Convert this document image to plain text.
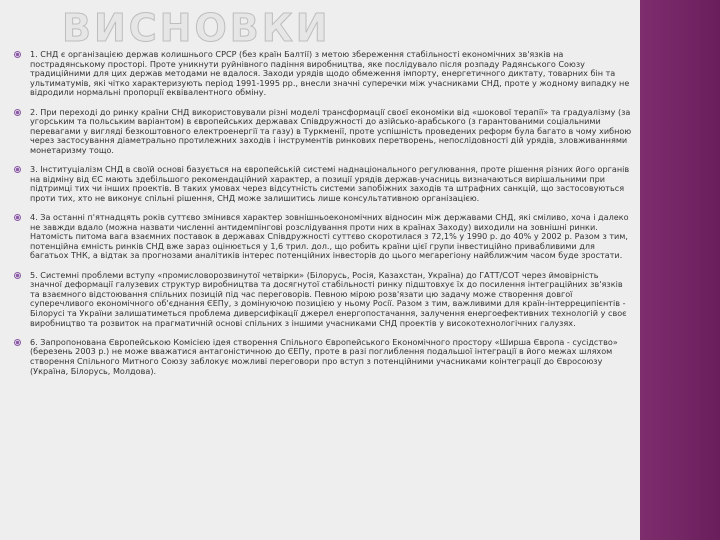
ВИСНОВКИ
1. СНД є організацією держав колишнього СРСР (без країн Балтії) з метою збереження стабільності економічних зв'язків на пострадянському просторі. Проте уникнути руйнівного падіння виробництва, яке послідувало після розпаду Радянського Союзу традиційними для цих держав методами не вдалося. Заходи урядів щодо обмеження імпорту, енергетичного диктату, товарних бін та ультиматумів, які чітко характеризують період 1991-1995 рр., внесли значні суперечки між учасниками СНД, проте у жодному випадку не відродили нормальні пропорції еквівалентного обміну.
2. При переході до ринку країни СНД використовували різні моделі трансформації своєї економіки від «шокової терапії» та градуалізму (за угорським та польським варіантом) в європейських державах Співдружності до азійсько-арабського (з гарантованими соціальними перевагами у вигляді безкоштовного електроенергії та газу) в Туркменії, проте успішність проведених реформ була багато в чому хибною через застосування діаметрально протилежних заходів і інструментів ринкових перетворень, непослідовності дій урядів, зловживаннями монетаризму тощо.
3. Інституціалізм СНД в своїй основі базується на європейській системі наднаціонального регулювання, проте рішення різних його органів на відміну від ЄС мають здебільшого рекомендаційний характер, а позиції урядів держав-учасниць визначаються вирішальними при підтримці тих чи інших проектів. В таких умовах через відсутність системи запобіжних заходів та штрафних санкцій, що застосовуються проти тих, хто не виконує спільні рішення, СНД може залишитись лише консультативною організацією.
4. За останні п'ятнадцять років суттєво змінився характер зовнішньоекономічних відносин між державами СНД, які сміливо, хоча і далеко не завжди вдало (можна назвати численні антидемпінгові розслідування проти них в країнах Заходу) виходили на зовнішні ринки. Натомість питома вага взаємних поставок в державах Співдружності суттєво скоротилася з 72,1% у 1990 р. до 40% у 2002 р. Разом з тим, потенційна ємність ринків СНД вже зараз оцінюється у 1,6 трил. дол., що робить країни цієї групи інвестиційно привабливими для багатьох ТНК, а відтак за прогнозами аналітиків інтерес потенційних інвесторів до цього мегарегіону найближчим часом буде зростати.
5. Системні проблеми вступу «промисловорозвинутої четвірки» (Білорусь, Росія, Казахстан, Україна) до ГАТТ/СОТ через ймовірність значної деформації галузевих структур виробництва та досягнутої стабільності ринку підштовхує їх до посилення інтеграційних зв'язків та взаємного відстоювання спільних позицій під час переговорів. Певною мірою розв'язати цю задачу може створення довгої суперечливого економічного об'єднання ЄЕПу, з домінуючою позицією у ньому Росії. Разом з тим, важливими для країн-інтерреципієнтів - Білорусі та України залишатиметься проблема диверсифікації джерел енергопостачання, залучення енергоефективних технологій у своє виробництво та розвиток на прагматичній основі спільних з іншими учасниками СНД проектів у високотехнологічних галузях.
6. Запропонована Європейською Комісією ідея створення Спільного Європейського Економічного простору «Ширша Європа - сусідство» (березень 2003 р.) не може вважатися антагоністичною до ЄЕПу, проте в разі поглиблення подальшої інтеграції в його межах шляхом створення Спільного Митного Союзу заблокує можливі переговори про вступ з потенційними учасниками коінтеграції до Євросоюзу (Україна, Білорусь, Молдова).
